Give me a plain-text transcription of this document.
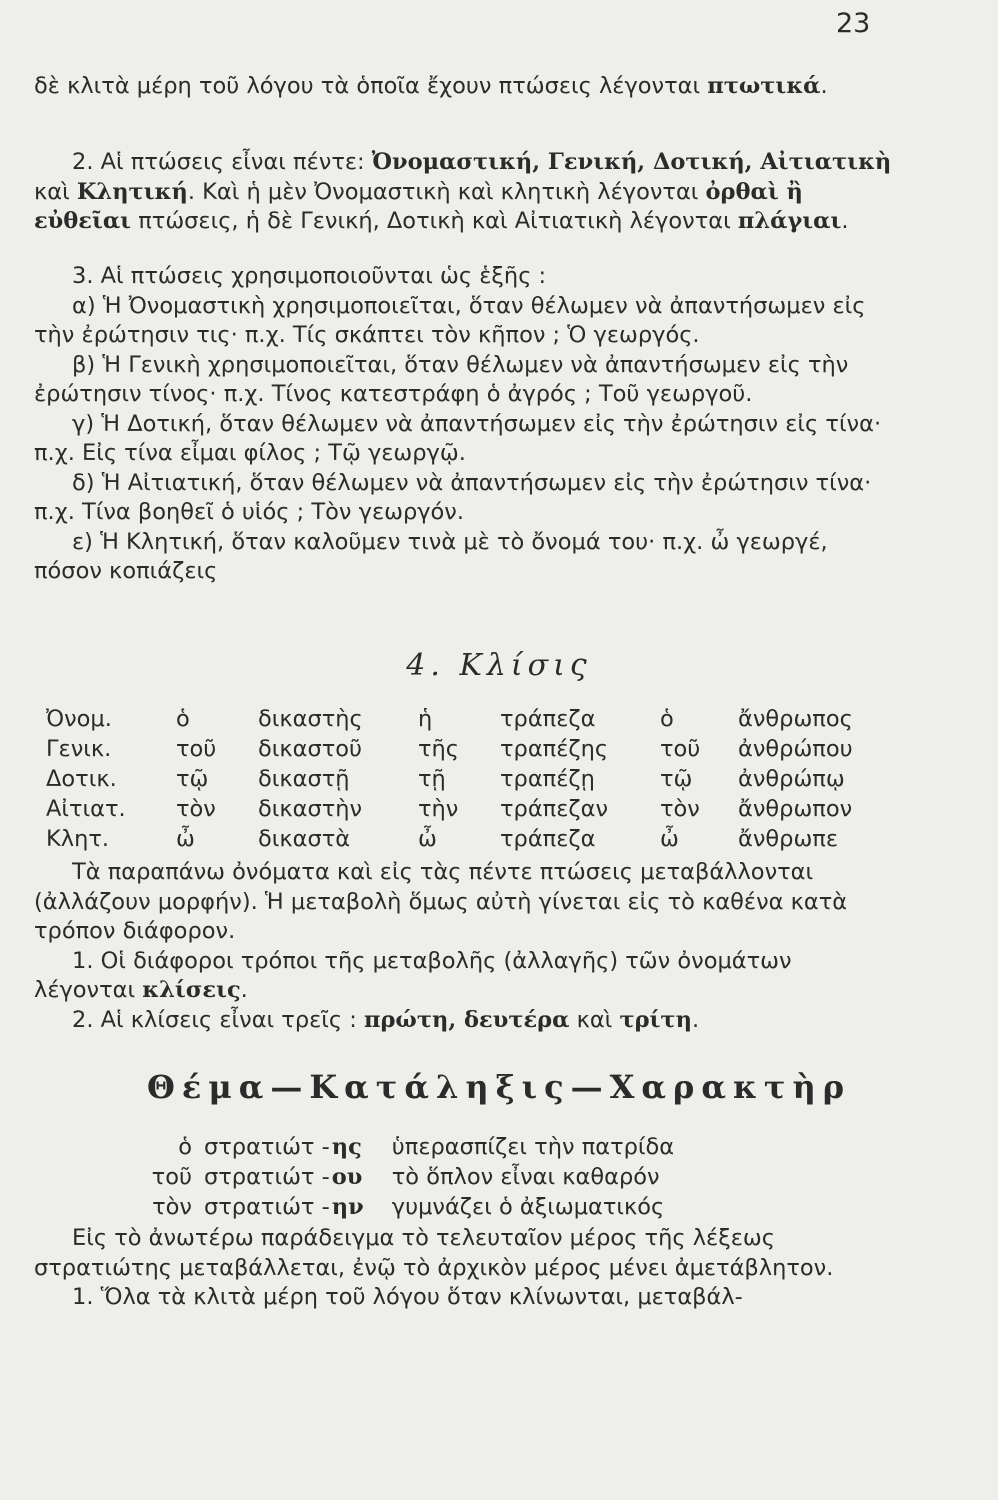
23

δὲ κλιτὰ μέρη τοῦ λόγου τὰ ὁποῖα ἔχουν πτώσεις λέγονται πτωτικά.

2. Αἱ πτώσεις εἶναι πέντε: Ὀνομαστική, Γενική, Δοτική, Αἰτιατικὴ καὶ Κλητική. Καὶ ἡ μὲν Ὀνομαστικὴ καὶ κλητικὴ λέγονται ὀρθαὶ ἢ εὐθεῖαι πτώσεις, ἡ δὲ Γενική, Δοτικὴ καὶ Αἰτιατικὴ λέγονται πλάγιαι.

3. Αἱ πτώσεις χρησιμοποιοῦνται ὡς ἑξῆς :
α) Ἡ Ὀνομαστικὴ χρησιμοποιεῖται, ὅταν θέλωμεν νὰ ἀπαντήσωμεν εἰς τὴν ἐρώτησιν τις· π.χ. Τίς σκάπτει τὸν κῆπον ; Ὁ γεωργός.
β) Ἡ Γενικὴ χρησιμοποιεῖται, ὅταν θέλωμεν νὰ ἀπαντήσωμεν εἰς τὴν ἐρώτησιν τίνος· π.χ. Τίνος κατεστράφη ὁ ἀγρός ; Τοῦ γεωργοῦ.
γ) Ἡ Δοτική, ὅταν θέλωμεν νὰ ἀπαντήσωμεν εἰς τὴν ἐρώτησιν εἰς τίνα· π.χ. Εἰς τίνα εἶμαι φίλος ; Τῷ γεωργῷ.
δ) Ἡ Αἰτιατική, ὅταν θέλωμεν νὰ ἀπαντήσωμεν εἰς τὴν ἐρώτησιν τίνα· π.χ. Τίνα βοηθεῖ ὁ υἱός ; Τὸν γεωργόν.
ε) Ἡ Κλητική, ὅταν καλοῦμεν τινὰ μὲ τὸ ὄνομά του· π.χ. ὦ γεωργέ, πόσον κοπιάζεις
4. Κλίσις
Ὀνομ.	ὁ	δικαστὴς	ἡ	τράπεζα	ὁ	ἄνθρωπος
Γενικ.	τοῦ	δικαστοῦ	τῆς	τραπέζης	τοῦ	ἀνθρώπου
Δοτικ.	τῷ	δικαστῇ	τῇ	τραπέζῃ	τῷ	ἀνθρώπῳ
Αἰτιατ.	τὸν	δικαστὴν	τὴν	τράπεζαν	τὸν	ἄνθρωπον
Κλητ.	ὦ	δικαστὰ	ὦ	τράπεζα	ὦ	ἄνθρωπε
Τὰ παραπάνω ὀνόματα καὶ εἰς τὰς πέντε πτώσεις μεταβάλλονται (ἀλλάζουν μορφήν). Ἡ μεταβολὴ ὅμως αὐτὴ γίνεται εἰς τὸ καθένα κατὰ τρόπον διάφορον.
1. Οἱ διάφοροι τρόποι τῆς μεταβολῆς (ἀλλαγῆς) τῶν ὀνομάτων λέγονται κλίσεις.
2. Αἱ κλίσεις εἶναι τρεῖς : πρώτη, δευτέρα καὶ τρίτη.
Θέμα—Κατάληξις—Χαρακτὴρ
ὁ	στρατιώτ -	ης	ὑπερασπίζει τὴν πατρίδα
τοῦ	στρατιώτ -	ου	τὸ ὅπλον εἶναι καθαρόν
τὸν	στρατιώτ -	ην	γυμνάζει ὁ ἀξιωματικός
Εἰς τὸ ἀνωτέρω παράδειγμα τὸ τελευταῖον μέρος τῆς λέξεως στρατιώτης μεταβάλλεται, ἐνῷ τὸ ἀρχικὸν μέρος μένει ἀμετάβλητον.
1. Ὅλα τὰ κλιτὰ μέρη τοῦ λόγου ὅταν κλίνωνται, μεταβάλ-
